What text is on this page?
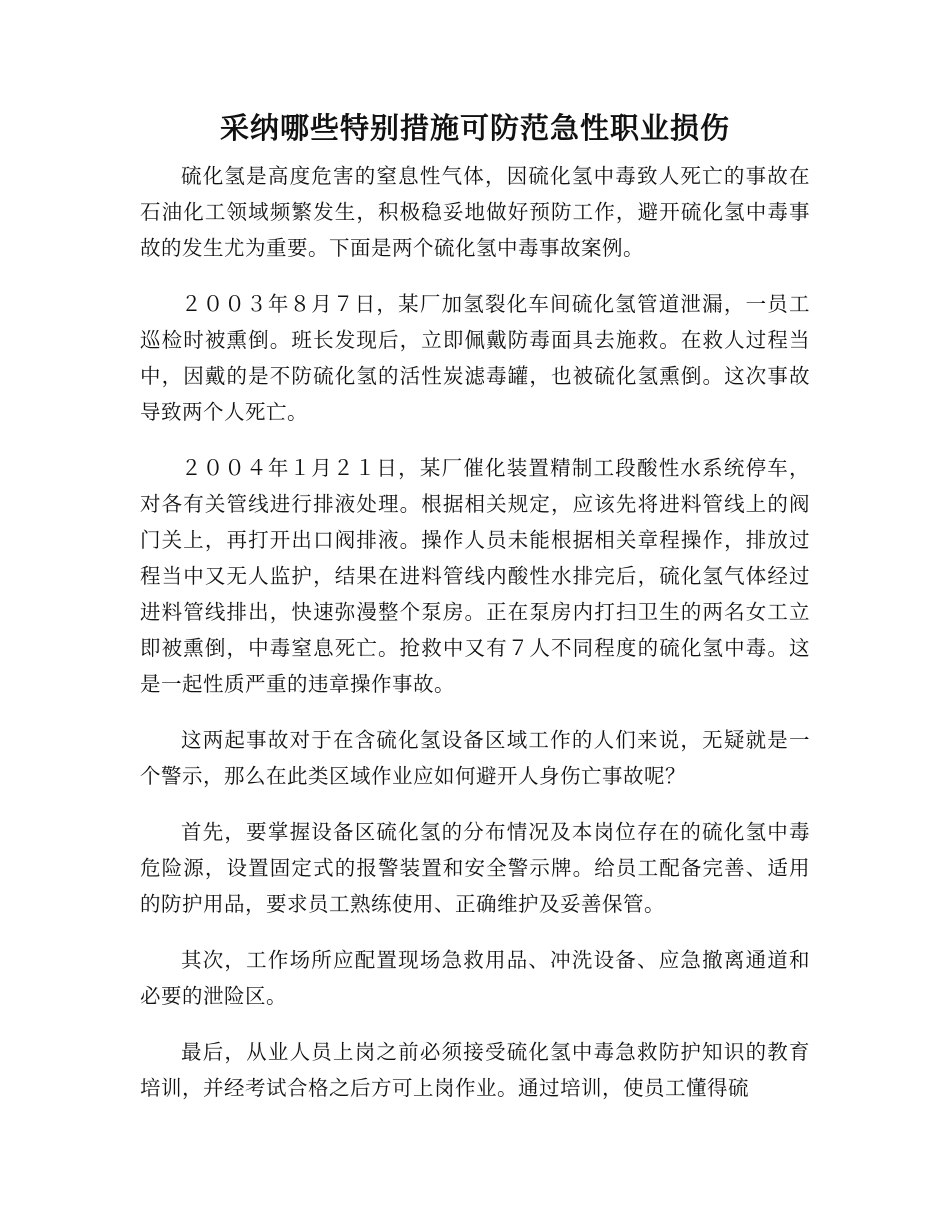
采纳哪些特别措施可防范急性职业损伤

硫化氢是高度危害的窒息性气体，因硫化氢中毒致人死亡的事故在石油化工领域频繁发生，积极稳妥地做好预防工作，避开硫化氢中毒事故的发生尤为重要。下面是两个硫化氢中毒事故案例。

２００３年８月７日，某厂加氢裂化车间硫化氢管道泄漏，一员工巡检时被熏倒。班长发现后，立即佩戴防毒面具去施救。在救人过程当中，因戴的是不防硫化氢的活性炭滤毒罐，也被硫化氢熏倒。这次事故导致两个人死亡。

２００４年１月２１日，某厂催化装置精制工段酸性水系统停车，对各有关管线进行排液处理。根据相关规定，应该先将进料管线上的阀门关上，再打开出口阀排液。操作人员未能根据相关章程操作，排放过程当中又无人监护，结果在进料管线内酸性水排完后，硫化氢气体经过进料管线排出，快速弥漫整个泵房。正在泵房内打扫卫生的两名女工立即被熏倒，中毒窒息死亡。抢救中又有７人不同程度的硫化氢中毒。这是一起性质严重的违章操作事故。

这两起事故对于在含硫化氢设备区域工作的人们来说，无疑就是一个警示，那么在此类区域作业应如何避开人身伤亡事故呢？

首先，要掌握设备区硫化氢的分布情况及本岗位存在的硫化氢中毒危险源，设置固定式的报警装置和安全警示牌。给员工配备完善、适用的防护用品，要求员工熟练使用、正确维护及妥善保管。

其次，工作场所应配置现场急救用品、冲洗设备、应急撤离通道和必要的泄险区。

最后，从业人员上岗之前必须接受硫化氢中毒急救防护知识的教育培训，并经考试合格之后方可上岗作业。通过培训，使员工懂得硫
